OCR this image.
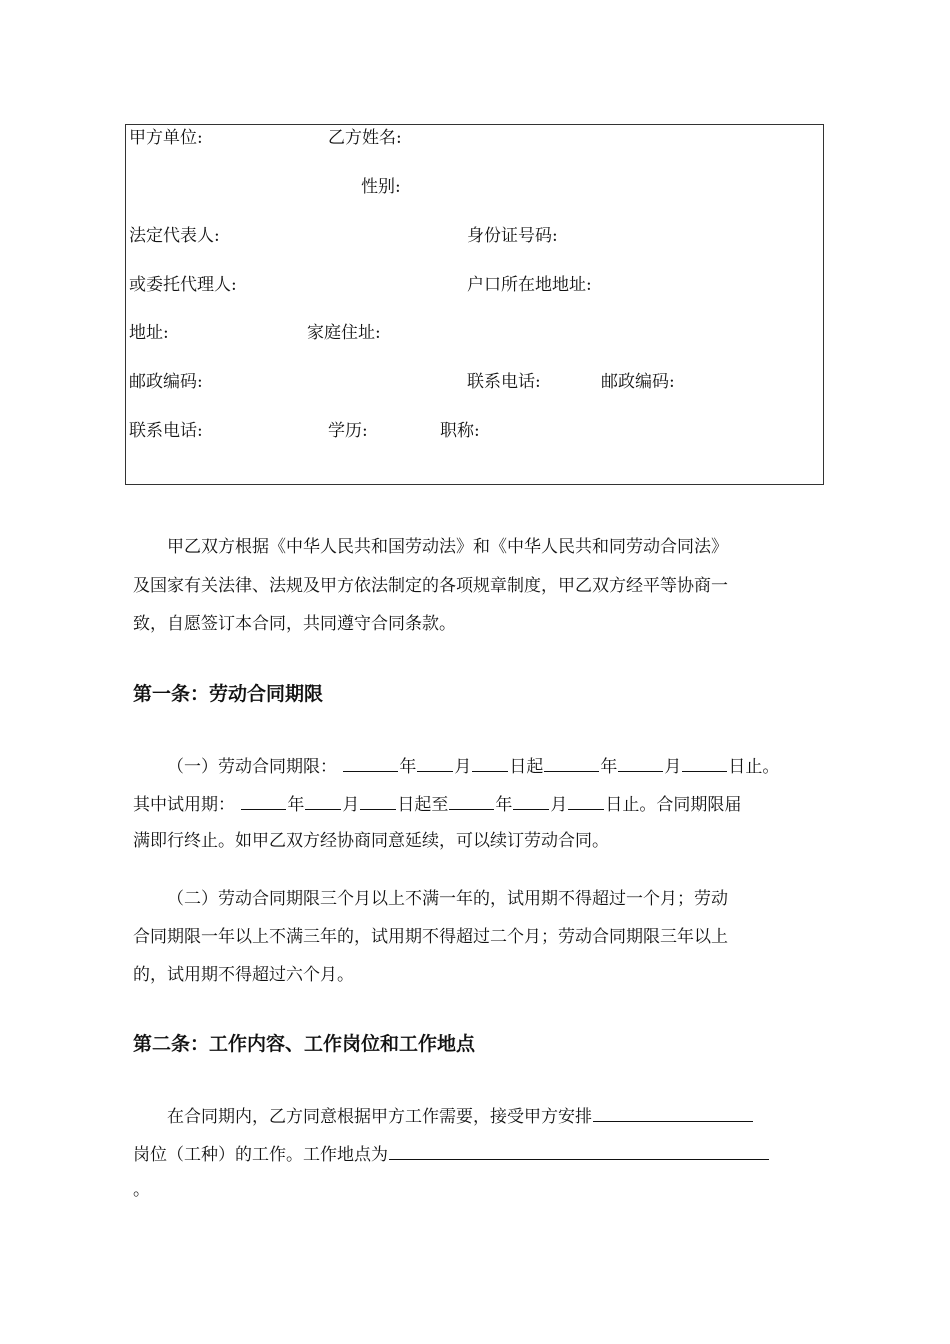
甲方单位:	乙方姓名:
性别:
法定代表人:	身份证号码:
或委托代理人:	户口所在地地址:
地址:	家庭住址:
邮政编码:	联系电话:	邮政编码:
联系电话:	学历:	职称:
甲乙双方根据《中华人民共和国劳动法》和《中华人民共和同劳动合同法》
及国家有关法律、法规及甲方依法制定的各项规章制度，甲乙双方经平等协商一
致，自愿签订本合同，共同遵守合同条款。
第一条：劳动合同期限
（一）劳动合同期限：	年 月 日起	年	月	日止。
其中试用期：	年 月 日起至	年 月 日止。合同期限届
满即行终止。如甲乙双方经协商同意延续，可以续订劳动合同。
（二）劳动合同期限三个月以上不满一年的，试用期不得超过一个月；劳动
合同期限一年以上不满三年的，试用期不得超过二个月；劳动合同期限三年以上
的，试用期不得超过六个月。
第二条：工作内容、工作岗位和工作地点
在合同期内，乙方同意根据甲方工作需要，接受甲方安排
岗位（工种）的工作。工作地点为
。
